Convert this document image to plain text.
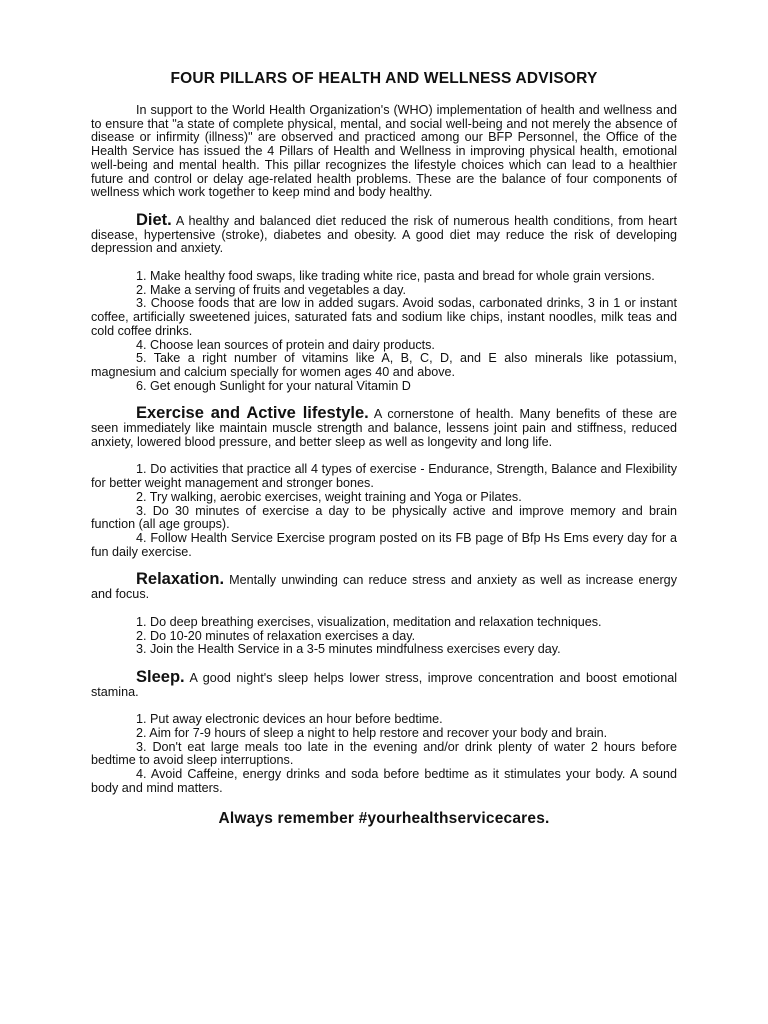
FOUR PILLARS OF HEALTH AND WELLNESS ADVISORY

In support to the World Health Organization's (WHO) implementation of health and wellness and to ensure that "a state of complete physical, mental, and social well-being and not merely the absence of disease or infirmity (illness)" are observed and practiced among our BFP Personnel, the Office of the Health Service has issued the 4 Pillars of Health and Wellness in improving physical health, emotional well-being and mental health. This pillar recognizes the lifestyle choices which can lead to a healthier future and control or delay age-related health problems. These are the balance of four components of wellness which work together to keep mind and body healthy.

Diet. A healthy and balanced diet reduced the risk of numerous health conditions, from heart disease, hypertensive (stroke), diabetes and obesity. A good diet may reduce the risk of developing depression and anxiety.

1. Make healthy food swaps, like trading white rice, pasta and bread for whole grain versions.

2. Make a serving of fruits and vegetables a day.

3. Choose foods that are low in added sugars. Avoid sodas, carbonated drinks, 3 in 1 or instant coffee, artificially sweetened juices, saturated fats and sodium like chips, instant noodles, milk teas and cold coffee drinks.

4. Choose lean sources of protein and dairy products.

5. Take a right number of vitamins like A, B, C, D, and E also minerals like potassium, magnesium and calcium specially for women ages 40 and above.

6. Get enough Sunlight for your natural Vitamin D

Exercise and Active lifestyle. A cornerstone of health. Many benefits of these are seen immediately like maintain muscle strength and balance, lessens joint pain and stiffness, reduced anxiety, lowered blood pressure, and better sleep as well as longevity and long life.

1. Do activities that practice all 4 types of exercise - Endurance, Strength, Balance and Flexibility for better weight management and stronger bones.

2. Try walking, aerobic exercises, weight training and Yoga or Pilates.

3. Do 30 minutes of exercise a day to be physically active and improve memory and brain function (all age groups).

4. Follow Health Service Exercise program posted on its FB page of Bfp Hs Ems every day for a fun daily exercise.

Relaxation. Mentally unwinding can reduce stress and anxiety as well as increase energy and focus.

1. Do deep breathing exercises, visualization, meditation and relaxation techniques.

2. Do 10-20 minutes of relaxation exercises a day.

3. Join the Health Service in a 3-5 minutes mindfulness exercises every day.

Sleep. A good night's sleep helps lower stress, improve concentration and boost emotional stamina.

1. Put away electronic devices an hour before bedtime.

2. Aim for 7-9 hours of sleep a night to help restore and recover your body and brain.

3. Don't eat large meals too late in the evening and/or drink plenty of water 2 hours before bedtime to avoid sleep interruptions.

4. Avoid Caffeine, energy drinks and soda before bedtime as it stimulates your body. A sound body and mind matters.

Always remember #yourhealthservicecares.
